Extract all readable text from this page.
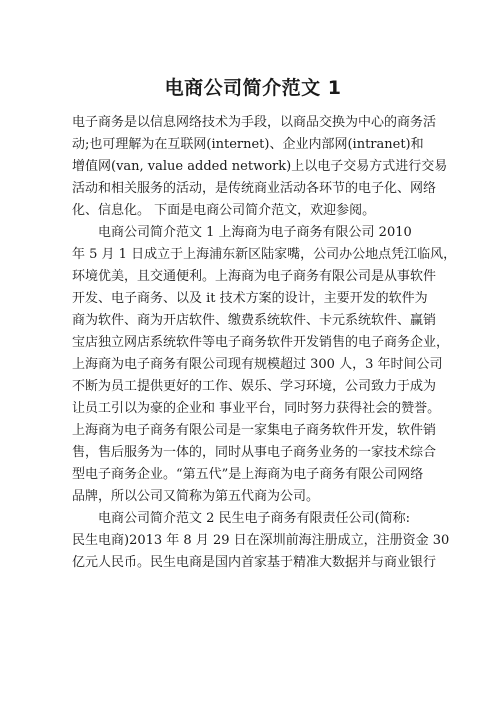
电商公司简介范文 1
电子商务是以信息网络技术为手段，以商品交换为中心的商务活
动;也可理解为在互联网(internet)、企业内部网(intranet)和
增值网(van, value added network)上以电子交易方式进行交易
活动和相关服务的活动，是传统商业活动各环节的电子化、网络
化、信息化。 下面是电商公司简介范文，欢迎参阅。
电商公司简介范文 1 上海商为电子商务有限公司 2010
年 5 月 1 日成立于上海浦东新区陆家嘴，公司办公地点凭江临风，
环境优美，且交通便利。上海商为电子商务有限公司是从事软件
开发、电子商务、以及 it 技术方案的设计，主要开发的软件为
商为软件、商为开店软件、缴费系统软件、卡元系统软件、赢销
宝店独立网店系统软件等电子商务软件开发销售的电子商务企业，
上海商为电子商务有限公司现有规模超过 300 人，3 年时间公司
不断为员工提供更好的工作、娱乐、学习环境，公司致力于成为
让员工引以为豪的企业和 事业平台，同时努力获得社会的赞誉。
上海商为电子商务有限公司是一家集电子商务软件开发，软件销
售，售后服务为一体的，同时从事电子商务业务的一家技术综合
型电子商务企业。“第五代”是上海商为电子商务有限公司网络
品牌，所以公司又简称为第五代商为公司。
电商公司简介范文 2 民生电子商务有限责任公司(简称:
民生电商)2013 年 8 月 29 日在深圳前海注册成立，注册资金 30
亿元人民币。民生电商是国内首家基于精准大数据并与商业银行
